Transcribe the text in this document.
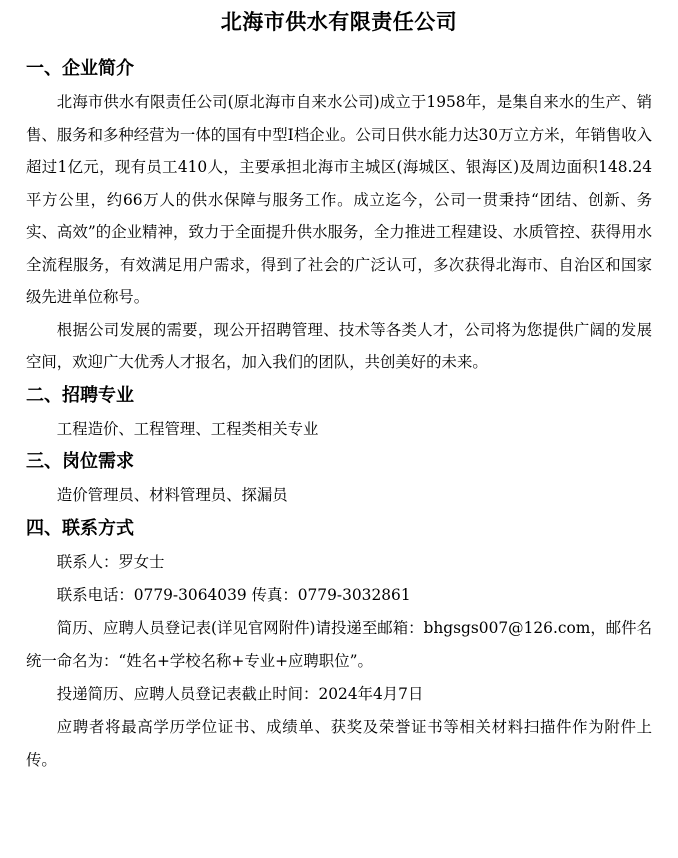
北海市供水有限责任公司
一、企业简介

北海市供水有限责任公司(原北海市自来水公司)成立于1958年，是集自来水的生产、销售、服务和多种经营为一体的国有中型Ⅰ档企业。公司日供水能力达30万立方米，年销售收入超过1亿元，现有员工410人，主要承担北海市主城区(海城区、银海区)及周边面积148.24平方公里，约66万人的供水保障与服务工作。成立迄今，公司一贯秉持“团结、创新、务实、高效”的企业精神，致力于全面提升供水服务，全力推进工程建设、水质管控、获得用水全流程服务，有效满足用户需求，得到了社会的广泛认可，多次获得北海市、自治区和国家级先进单位称号。

根据公司发展的需要，现公开招聘管理、技术等各类人才，公司将为您提供广阔的发展空间，欢迎广大优秀人才报名，加入我们的团队，共创美好的未来。

二、招聘专业

工程造价、工程管理、工程类相关专业

三、岗位需求

造价管理员、材料管理员、探漏员

四、联系方式

联系人：罗女士

联系电话：0779-3064039 传真：0779-3032861

简历、应聘人员登记表(详见官网附件)请投递至邮箱：bhgsgs007@126.com，邮件名统一命名为：“姓名+学校名称+专业+应聘职位”。

投递简历、应聘人员登记表截止时间：2024年4月7日

应聘者将最高学历学位证书、成绩单、获奖及荣誉证书等相关材料扫描件作为附件上传。
